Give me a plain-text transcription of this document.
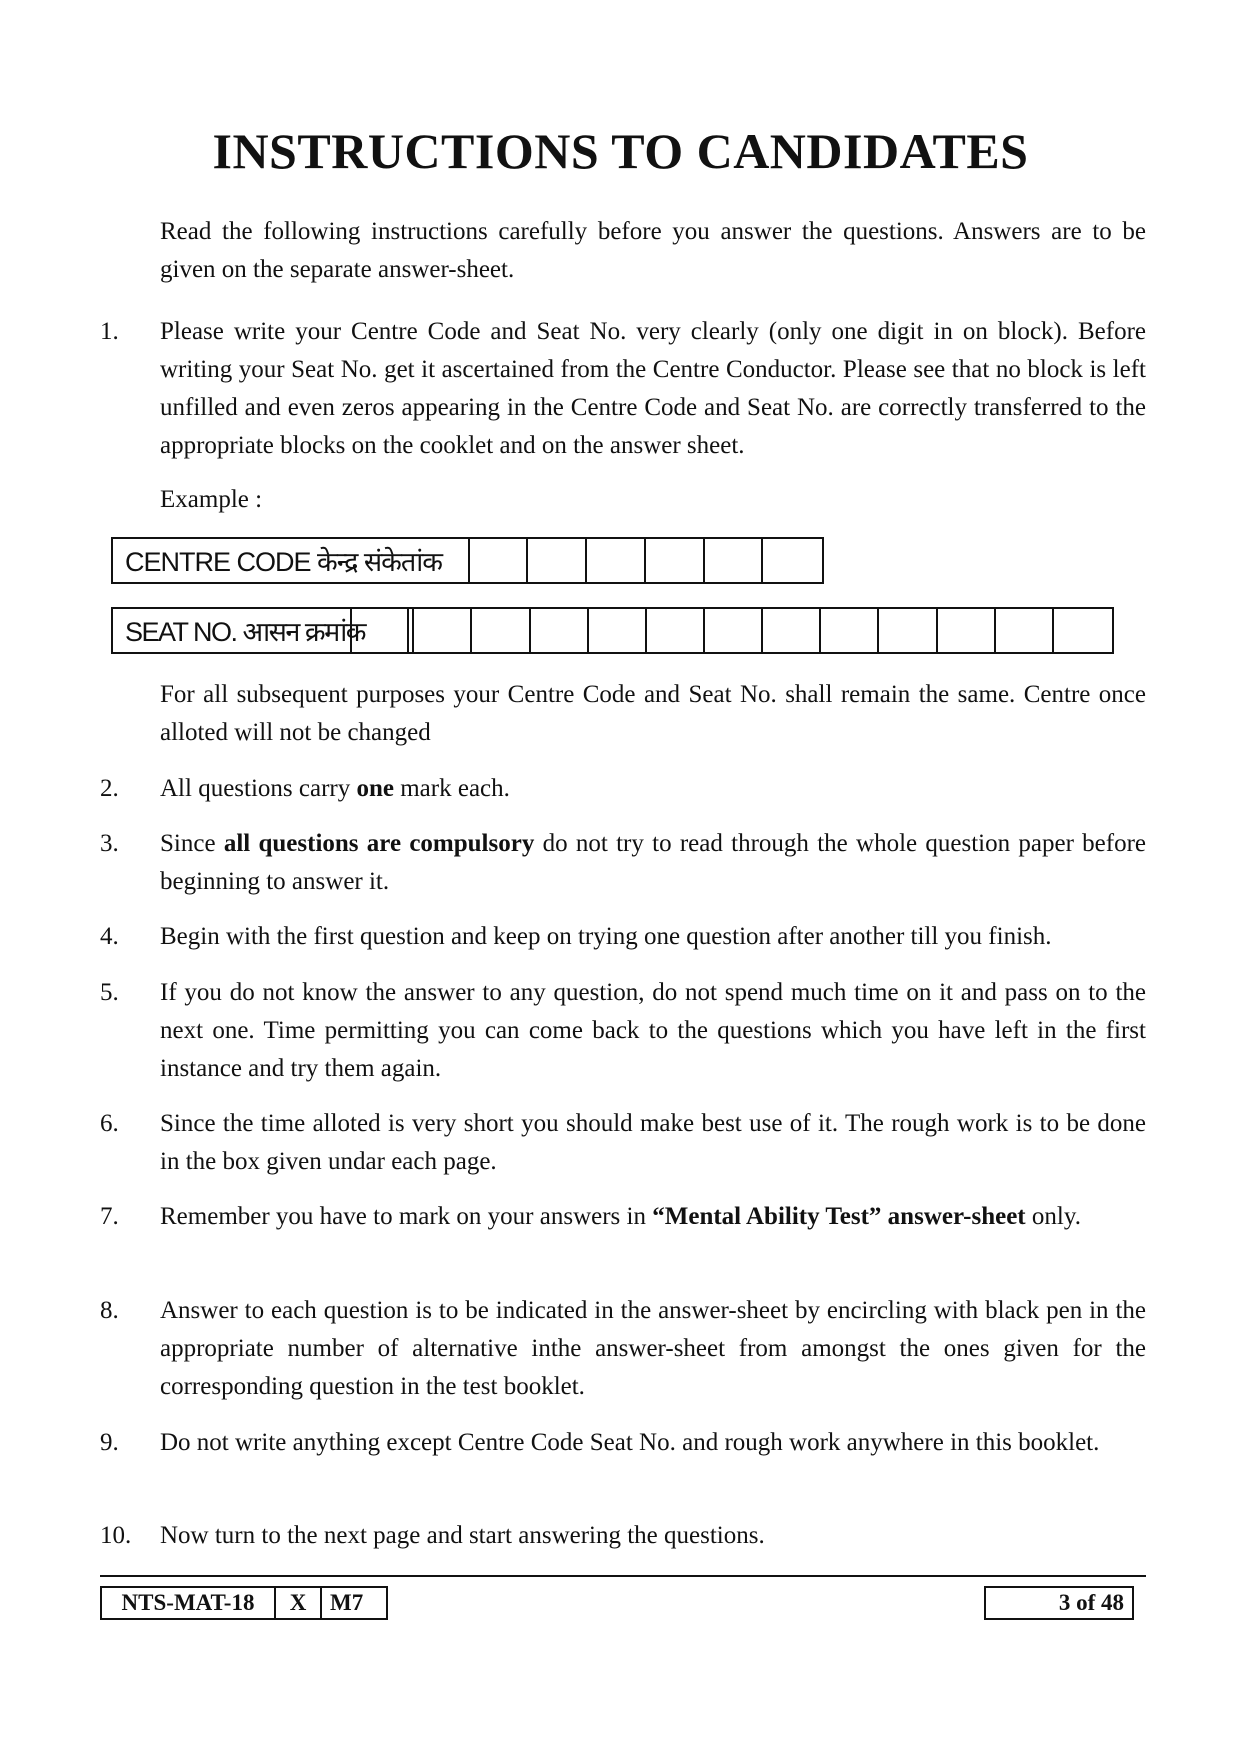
INSTRUCTIONS TO CANDIDATES

Read the following instructions carefully before you answer the questions. Answers are to be given on the separate answer-sheet.

1.	Please write your Centre Code and Seat No. very clearly (only one digit in on block). Before writing your Seat No. get it ascertained from the Centre Conductor. Please see that no block is left unfilled and even zeros appearing in the Centre Code and Seat No. are correctly transferred to the appropriate blocks on the cooklet and on the answer sheet.
Example :
CENTRE CODE केन्द्र संकेतांक
SEAT NO. आसन क्रमांक
For all subsequent purposes your Centre Code and Seat No. shall remain the same. Centre once alloted will not be changed
2.	All questions carry one mark each.
3.	Since all questions are compulsory do not try to read through the whole question paper before beginning to answer it.
4.	Begin with the first question and keep on trying one question after another till you finish.
5.	If you do not know the answer to any question, do not spend much time on it and pass on to the next one. Time permitting you can come back to the questions which you have left in the first instance and try them again.
6.	Since the time alloted is very short you should make best use of it. The rough work is to be done in the box given undar each page.
7.	Remember you have to mark on your answers in “Mental Ability Test” answer-sheet only.
8.	Answer to each question is to be indicated in the answer-sheet by encircling with black pen in the appropriate number of alternative inthe answer-sheet from amongst the ones given for the corresponding question in the test booklet.
9.	Do not write anything except Centre Code Seat No. and rough work anywhere in this booklet.
10.	Now turn to the next page and start answering the questions.
NTS-MAT-18	X	M7	3 of 48
